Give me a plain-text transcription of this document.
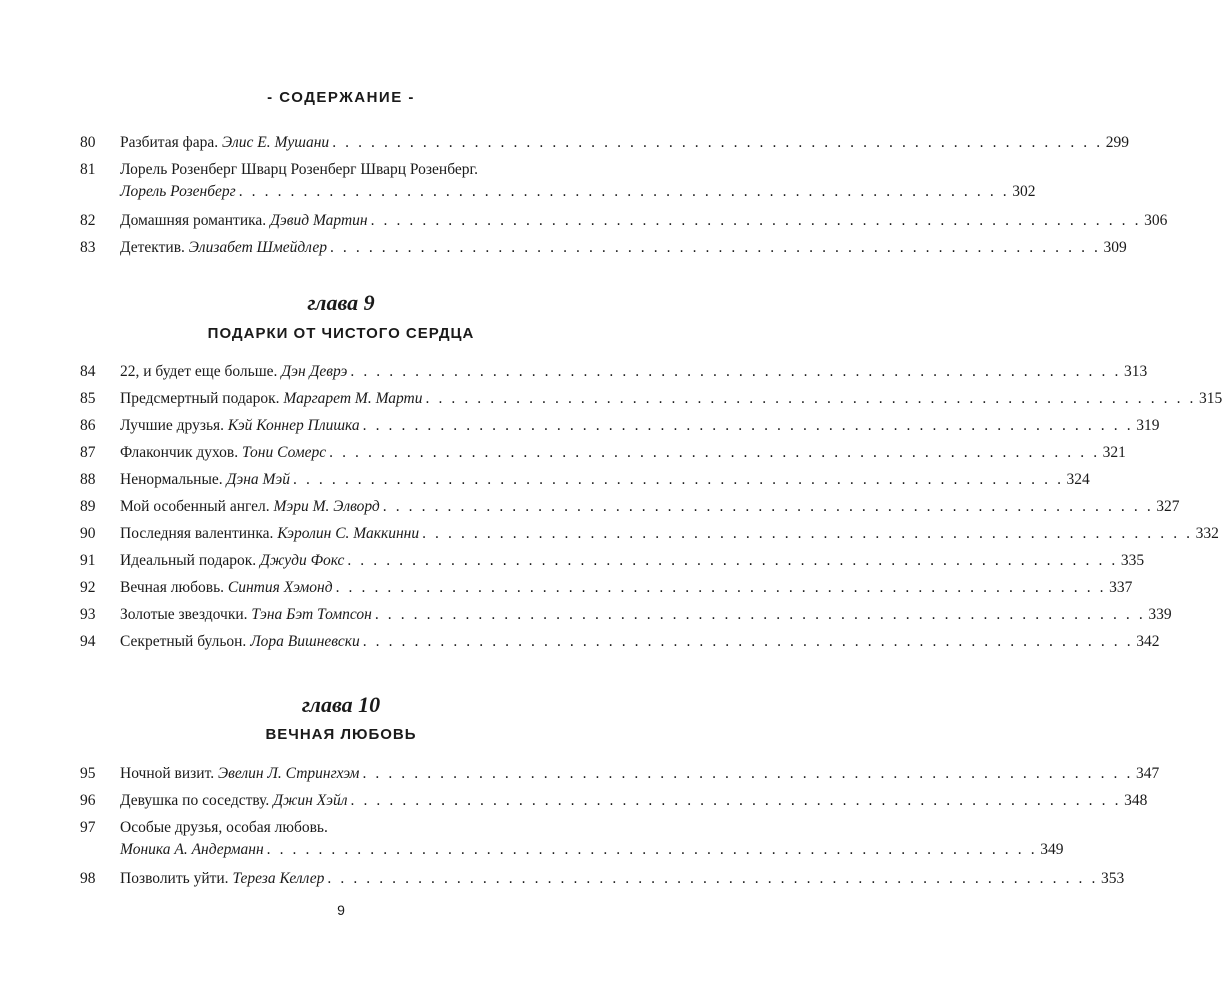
- СОДЕРЖАНИЕ -
80 Разбитая фара. Элис Е. Мушани . . . . . . . . . . . . . . . . . . . . . . . . . . . . . . . . . . . . . . . . . . . . . . . . . . . . . . . . . . . . 299
81 Лорель Розенберг Шварц Розенберг Шварц Розенберг.
Лорель Розенберг . . . . . . . . . . . . . . . . . . . . . . . . . . . . . . . . . . . . . . . . . . . . . . . . . . . . . . . . . . . . 302
82 Домашняя романтика. Дэвид Мартин . . . . . . . . . . . . . . . . . . . . . . . . . . . . . . . . . . . . . . . . . . . . . . . . . . . . . . . . . . . . 306
83 Детектив. Элизабет Шмейдлер . . . . . . . . . . . . . . . . . . . . . . . . . . . . . . . . . . . . . . . . . . . . . . . . . . . . . . . . . . . . 309
глава 9
ПОДАРКИ ОТ ЧИСТОГО СЕРДЦА
84 22, и будет еще больше. Дэн Деврэ . . . . . . . . . . . . . . . . . . . . . . . . . . . . . . . . . . . . . . . . . . . . . . . . . . . . . . . . . . . . 313
85 Предсмертный подарок. Маргарет М. Марти . . . . . . . . . . . . . . . . . . . . . . . . . . . . . . . . . . . . . . . . . . . . . . . . . . . . . . . . . . . . 315
86 Лучшие друзья. Кэй Коннер Плишка . . . . . . . . . . . . . . . . . . . . . . . . . . . . . . . . . . . . . . . . . . . . . . . . . . . . . . . . . . . . 319
87 Флакончик духов. Тони Сомерс . . . . . . . . . . . . . . . . . . . . . . . . . . . . . . . . . . . . . . . . . . . . . . . . . . . . . . . . . . . . 321
88 Ненормальные. Дэна Мэй . . . . . . . . . . . . . . . . . . . . . . . . . . . . . . . . . . . . . . . . . . . . . . . . . . . . . . . . . . . . 324
89 Мой особенный ангел. Мэри М. Элворд . . . . . . . . . . . . . . . . . . . . . . . . . . . . . . . . . . . . . . . . . . . . . . . . . . . . . . . . . . . . 327
90 Последняя валентинка. Кэролин С. Маккинни . . . . . . . . . . . . . . . . . . . . . . . . . . . . . . . . . . . . . . . . . . . . . . . . . . . . . . . . . . . . 332
91 Идеальный подарок. Джуди Фокс . . . . . . . . . . . . . . . . . . . . . . . . . . . . . . . . . . . . . . . . . . . . . . . . . . . . . . . . . . . . 335
92 Вечная любовь. Синтия Хэмонд . . . . . . . . . . . . . . . . . . . . . . . . . . . . . . . . . . . . . . . . . . . . . . . . . . . . . . . . . . . . 337
93 Золотые звездочки. Тэна Бэт Томпсон . . . . . . . . . . . . . . . . . . . . . . . . . . . . . . . . . . . . . . . . . . . . . . . . . . . . . . . . . . . . 339
94 Секретный бульон. Лора Вишневски . . . . . . . . . . . . . . . . . . . . . . . . . . . . . . . . . . . . . . . . . . . . . . . . . . . . . . . . . . . . 342
глава 10
ВЕЧНАЯ ЛЮБОВЬ
95 Ночной визит. Эвелин Л. Стрингхэм . . . . . . . . . . . . . . . . . . . . . . . . . . . . . . . . . . . . . . . . . . . . . . . . . . . . . . . . . . . . 347
96 Девушка по соседству. Джин Хэйл . . . . . . . . . . . . . . . . . . . . . . . . . . . . . . . . . . . . . . . . . . . . . . . . . . . . . . . . . . . . 348
97 Особые друзья, особая любовь.
Моника А. Андерманн . . . . . . . . . . . . . . . . . . . . . . . . . . . . . . . . . . . . . . . . . . . . . . . . . . . . . . . . . . . . 349
98 Позволить уйти. Тереза Келлер . . . . . . . . . . . . . . . . . . . . . . . . . . . . . . . . . . . . . . . . . . . . . . . . . . . . . . . . . . . . 353
9
